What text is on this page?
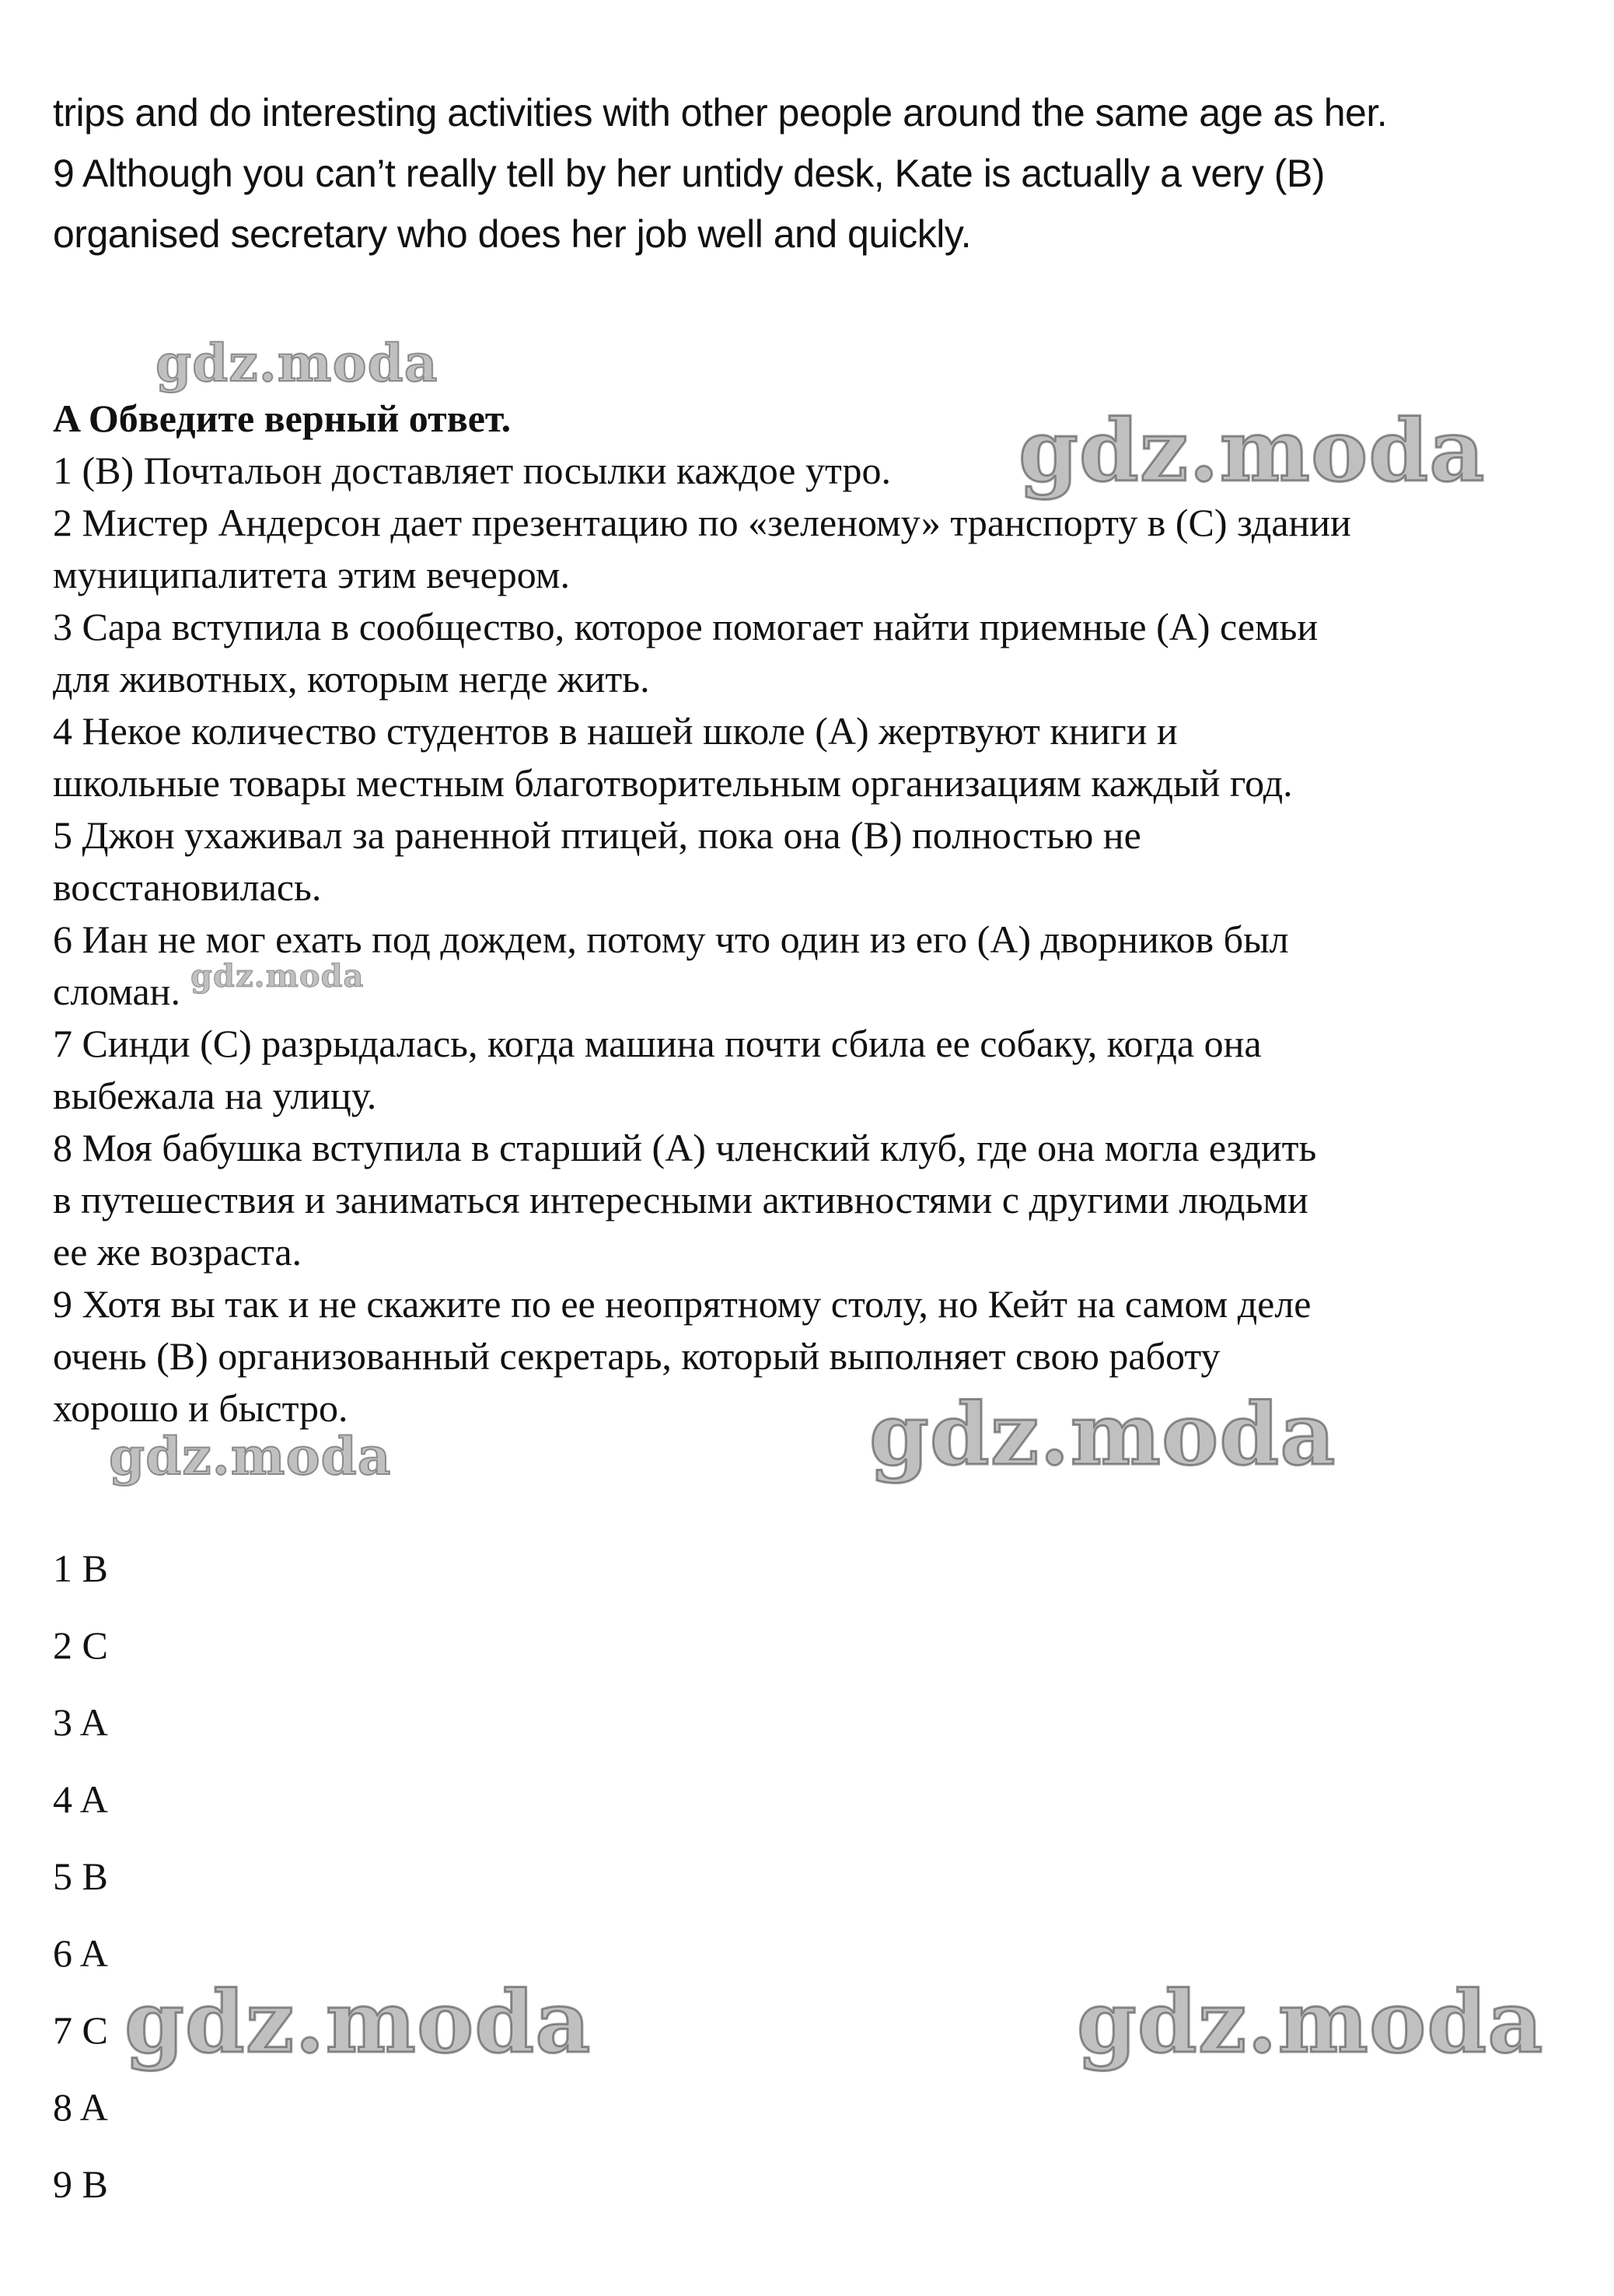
trips and do interesting activities with other people around the same age as her.

9 Although you can’t really tell by her untidy desk, Kate is actually a very (B)

organised secretary who does her job well and quickly.

A Обведите верный ответ.

1 (B) Почтальон доставляет посылки каждое утро.

2 Мистер Андерсон дает презентацию по «зеленому» транспорту в (C) здании

муниципалитета этим вечером.

3 Сара вступила в сообщество, которое помогает найти приемные (А) семьи

для животных, которым негде жить.

4 Некое количество студентов в нашей школе (А) жертвуют книги и

школьные товары местным благотворительным организациям каждый год.

5 Джон ухаживал за раненной птицей, пока она (В) полностью не

восстановилась.

6 Иан не мог ехать под дождем, потому что один из его (А) дворников был

сломан.

7 Синди (С) разрыдалась, когда машина почти сбила ее собаку, когда она

выбежала на улицу.

8 Моя бабушка вступила в старший (А) членский клуб, где она могла ездить

в путешествия и заниматься интересными активностями с другими людьми

ее же возраста.

9 Хотя вы так и не скажите по ее неопрятному столу, но Кейт на самом деле

очень (В) организованный секретарь, который выполняет свою работу

хорошо и быстро.

1 B

2 C

3 A

4 A

5 B

6 A

7 C

8 A

9 B

gdz.moda
gdz.moda
gdz.moda
gdz.moda
gdz.moda
gdz.moda	gdz.moda
